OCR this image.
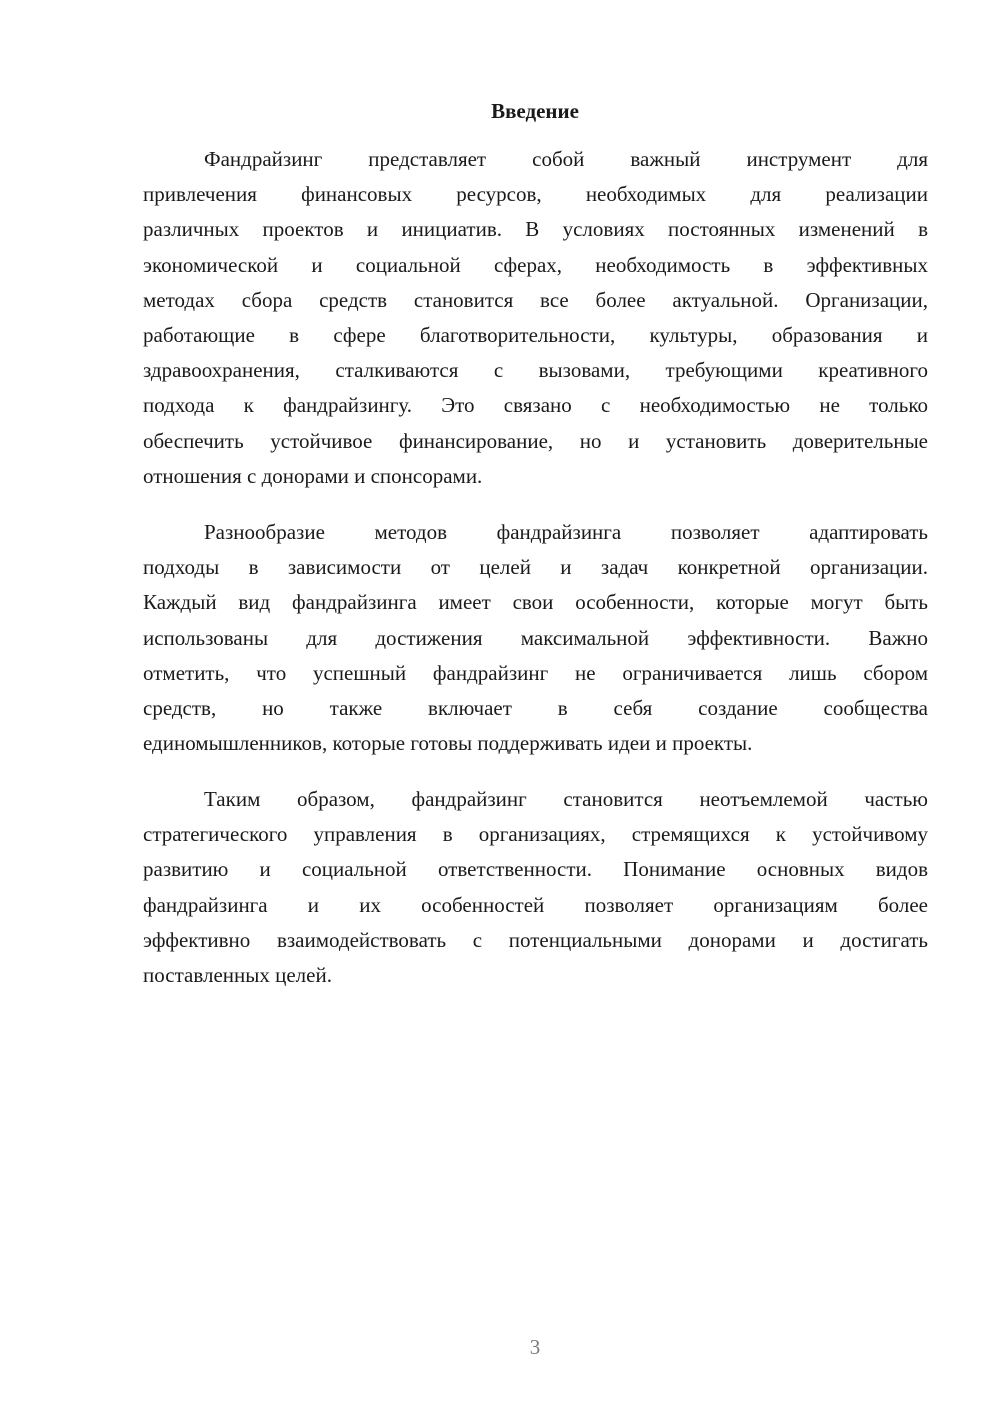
Введение
Фандрайзинг представляет собой важный инструмент для
привлечения финансовых ресурсов, необходимых для реализации
различных проектов и инициатив. В условиях постоянных изменений в
экономической и социальной сферах, необходимость в эффективных
методах сбора средств становится все более актуальной. Организации,
работающие в сфере благотворительности, культуры, образования и
здравоохранения, сталкиваются с вызовами, требующими креативного
подхода к фандрайзингу. Это связано с необходимостью не только
обеспечить устойчивое финансирование, но и установить доверительные
отношения с донорами и спонсорами.
Разнообразие методов фандрайзинга позволяет адаптировать
подходы в зависимости от целей и задач конкретной организации.
Каждый вид фандрайзинга имеет свои особенности, которые могут быть
использованы для достижения максимальной эффективности. Важно
отметить, что успешный фандрайзинг не ограничивается лишь сбором
средств, но также включает в себя создание сообщества
единомышленников, которые готовы поддерживать идеи и проекты.
Таким образом, фандрайзинг становится неотъемлемой частью
стратегического управления в организациях, стремящихся к устойчивому
развитию и социальной ответственности. Понимание основных видов
фандрайзинга и их особенностей позволяет организациям более
эффективно взаимодействовать с потенциальными донорами и достигать
поставленных целей.
3
